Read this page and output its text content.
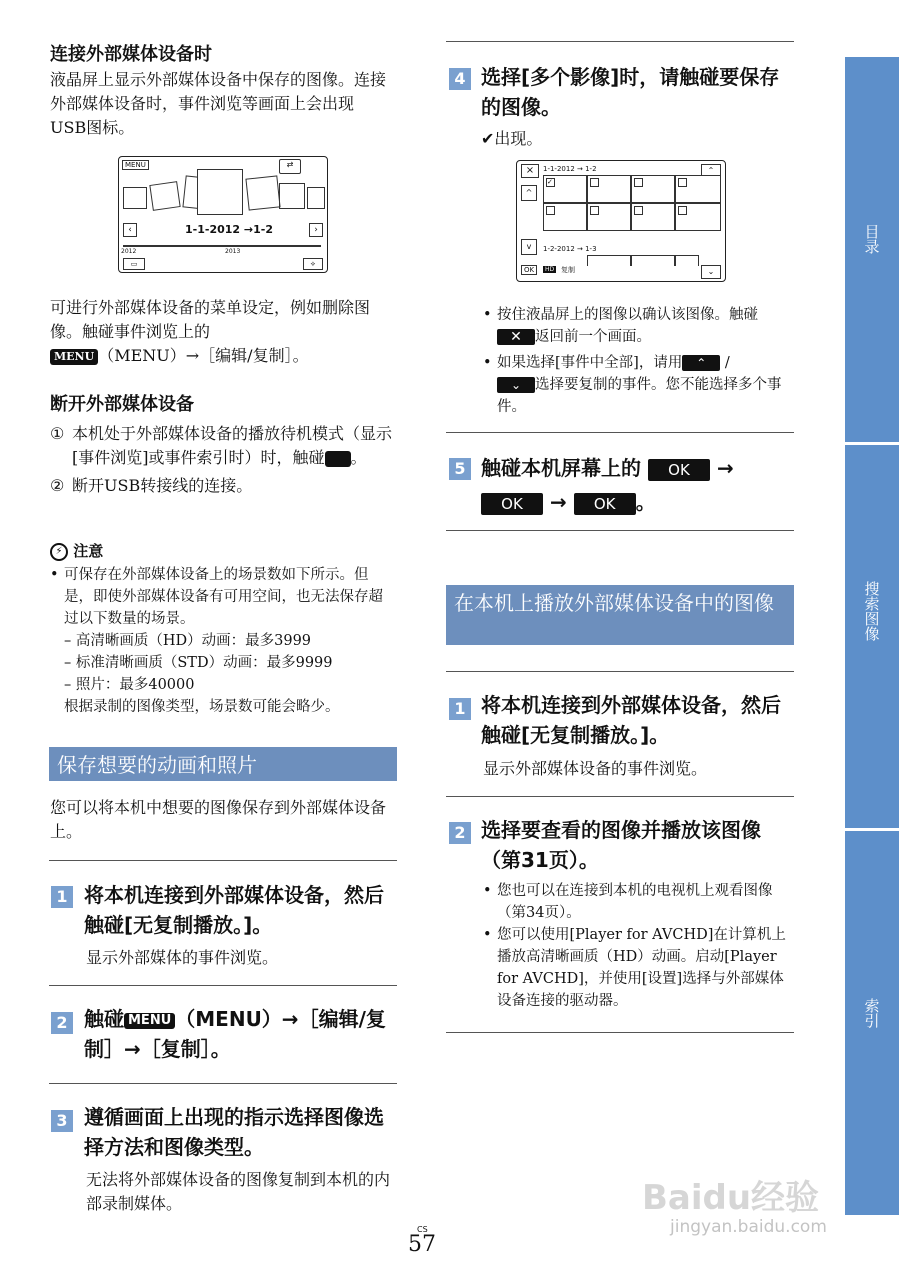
连接外部媒体设备时
液晶屏上显示外部媒体设备中保存的图像。连接外部媒体设备时，事件浏览等画面上会出现USB图标。
MENU	⇄
‹	1-1-2012 →1-2	›
2012	2013
▭	⟡
可进行外部媒体设备的菜单设定，例如删除图像。触碰事件浏览上的
MENU （MENU）→［编辑/复制］。
断开外部媒体设备
① 本机处于外部媒体设备的播放待机模式（显示[事件浏览]或事件索引时）时，触碰 。
② 断开USB转接线的连接。
⚡ 注意
• 可保存在外部媒体设备上的场景数如下所示。但是，即使外部媒体设备有可用空间，也无法保存超过以下数量的场景。
– 高清晰画质（HD）动画：最多3999
– 标准清晰画质（STD）动画：最多9999
– 照片：最多40000
根据录制的图像类型，场景数可能会略少。
保存想要的动画和照片
您可以将本机中想要的图像保存到外部媒体设备上。
1 将本机连接到外部媒体设备，然后触碰[无复制播放。]。
显示外部媒体的事件浏览。
2 触碰 MENU （MENU）→［编辑/复制］→［复制］。
3 遵循画面上出现的指示选择图像选择方法和图像类型。
无法将外部媒体设备的图像复制到本机的内部录制媒体。
4 选择[多个影像]时，请触碰要保存的图像。
✔出现。
×	1-1-2012 → 1-2	⌃
^
v
✓
1-2-2012 → 1-3
OK	HD 复制	⌄
• 按住液晶屏上的图像以确认该图像。触碰✕ 返回前一个画面。
• 如果选择[事件中全部]，请用 ⌃ /
⌄ 选择要复制的事件。您不能选择多个事件。
5 触碰本机屏幕上的 OK →
OK → OK 。
在本机上播放外部媒体设备中的图像
1 将本机连接到外部媒体设备，然后触碰[无复制播放。]。
显示外部媒体设备的事件浏览。
2 选择要查看的图像并播放该图像（第31页）。
• 您也可以在连接到本机的电视机上观看图像（第34页）。
• 您可以使用[Player for AVCHD]在计算机上播放高清晰画质（HD）动画。启动[Player for AVCHD]，并使用[设置]选择与外部媒体设备连接的驱动器。
目录
搜索图像
索引
CS
57
Baidu经验
jingyan.baidu.com
